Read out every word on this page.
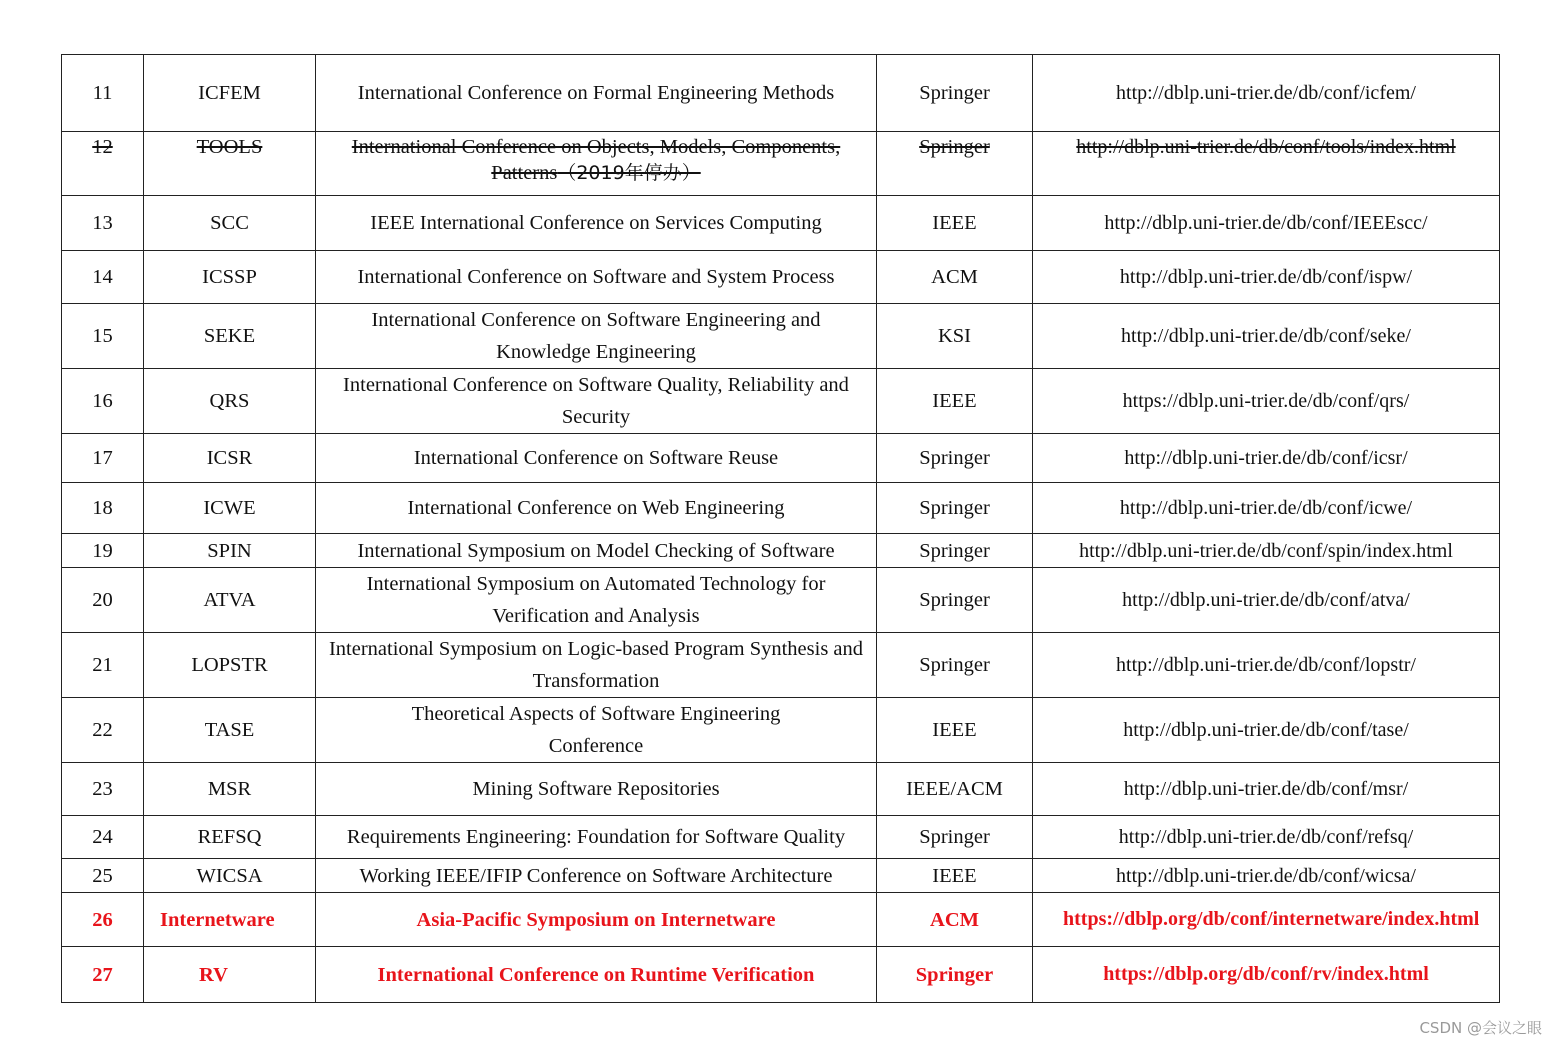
11	ICFEM	International Conference on Formal Engineering Methods	Springer	http://dblp.uni-trier.de/db/conf/icfem/
12	TOOLS	International Conference on Objects, Models, Components, Patterns（2019年停办）	Springer	http://dblp.uni-trier.de/db/conf/tools/index.html
13	SCC	IEEE International Conference on Services Computing	IEEE	http://dblp.uni-trier.de/db/conf/IEEEscc/
14	ICSSP	International Conference on Software and System Process	ACM	http://dblp.uni-trier.de/db/conf/ispw/
15	SEKE	International Conference on Software Engineering and Knowledge Engineering	KSI	http://dblp.uni-trier.de/db/conf/seke/
16	QRS	International Conference on Software Quality, Reliability and Security	IEEE	https://dblp.uni-trier.de/db/conf/qrs/
17	ICSR	International Conference on Software Reuse	Springer	http://dblp.uni-trier.de/db/conf/icsr/
18	ICWE	International Conference on Web Engineering	Springer	http://dblp.uni-trier.de/db/conf/icwe/
19	SPIN	International Symposium on Model Checking of Software	Springer	http://dblp.uni-trier.de/db/conf/spin/index.html
20	ATVA	International Symposium on Automated Technology for Verification and Analysis	Springer	http://dblp.uni-trier.de/db/conf/atva/
21	LOPSTR	International Symposium on Logic-based Program Synthesis and Transformation	Springer	http://dblp.uni-trier.de/db/conf/lopstr/
22	TASE	Theoretical Aspects of Software Engineering Conference	IEEE	http://dblp.uni-trier.de/db/conf/tase/
23	MSR	Mining Software Repositories	IEEE/ACM	http://dblp.uni-trier.de/db/conf/msr/
24	REFSQ	Requirements Engineering: Foundation for Software Quality	Springer	http://dblp.uni-trier.de/db/conf/refsq/
25	WICSA	Working IEEE/IFIP Conference on Software Architecture	IEEE	http://dblp.uni-trier.de/db/conf/wicsa/
26	Internetware	Asia-Pacific Symposium on Internetware	ACM	https://dblp.org/db/conf/internetware/index.html
27	RV	International Conference on Runtime Verification	Springer	https://dblp.org/db/conf/rv/index.html
CSDN @会议之眼
